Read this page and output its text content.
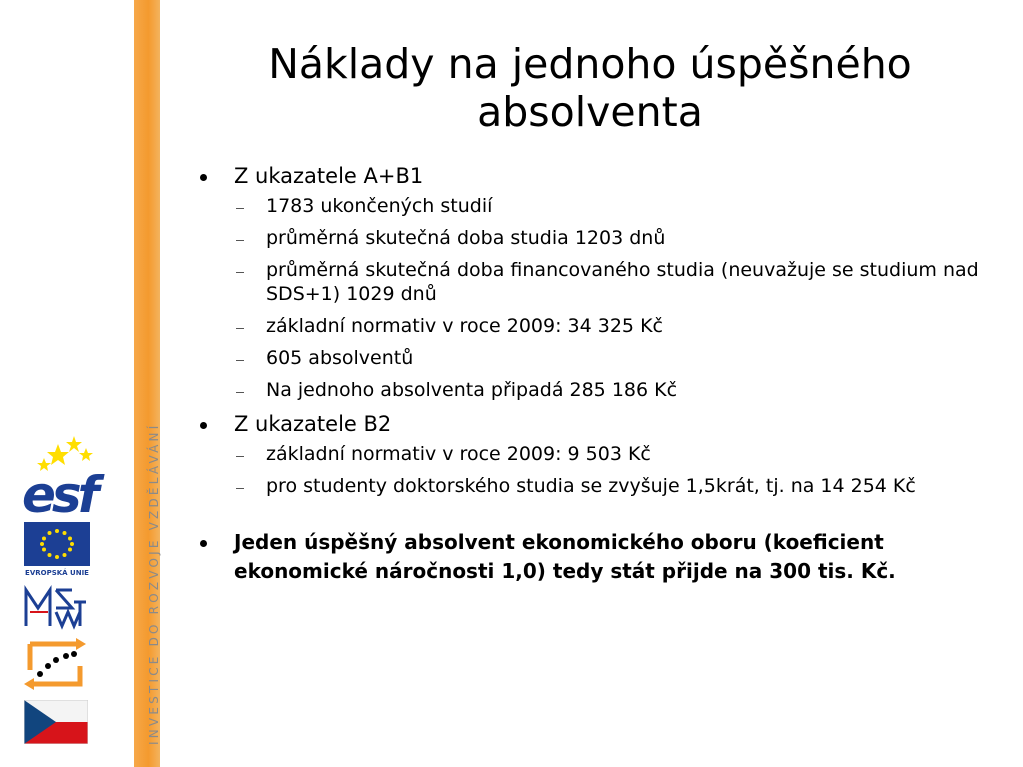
esf
EVROPSKÁ UNIE	INVESTICE DO ROZVOJE VZDĚLÁVÁNÍ
Náklady na jednoho úspěšného
absolventa
Z ukazatele A+B1
1783 ukončených studií
průměrná skutečná doba studia 1203 dnů
průměrná skutečná doba financovaného studia (neuvažuje se studium nad SDS+1) 1029 dnů
základní normativ v roce 2009: 34 325 Kč
605 absolventů
Na jednoho absolventa připadá 285 186 Kč
Z ukazatele B2
základní normativ v roce 2009: 9 503 Kč
pro studenty doktorského studia se zvyšuje 1,5krát, tj. na 14 254 Kč
Jeden úspěšný absolvent ekonomického oboru (koeficient ekonomické náročnosti 1,0) tedy stát přijde na 300 tis. Kč.
